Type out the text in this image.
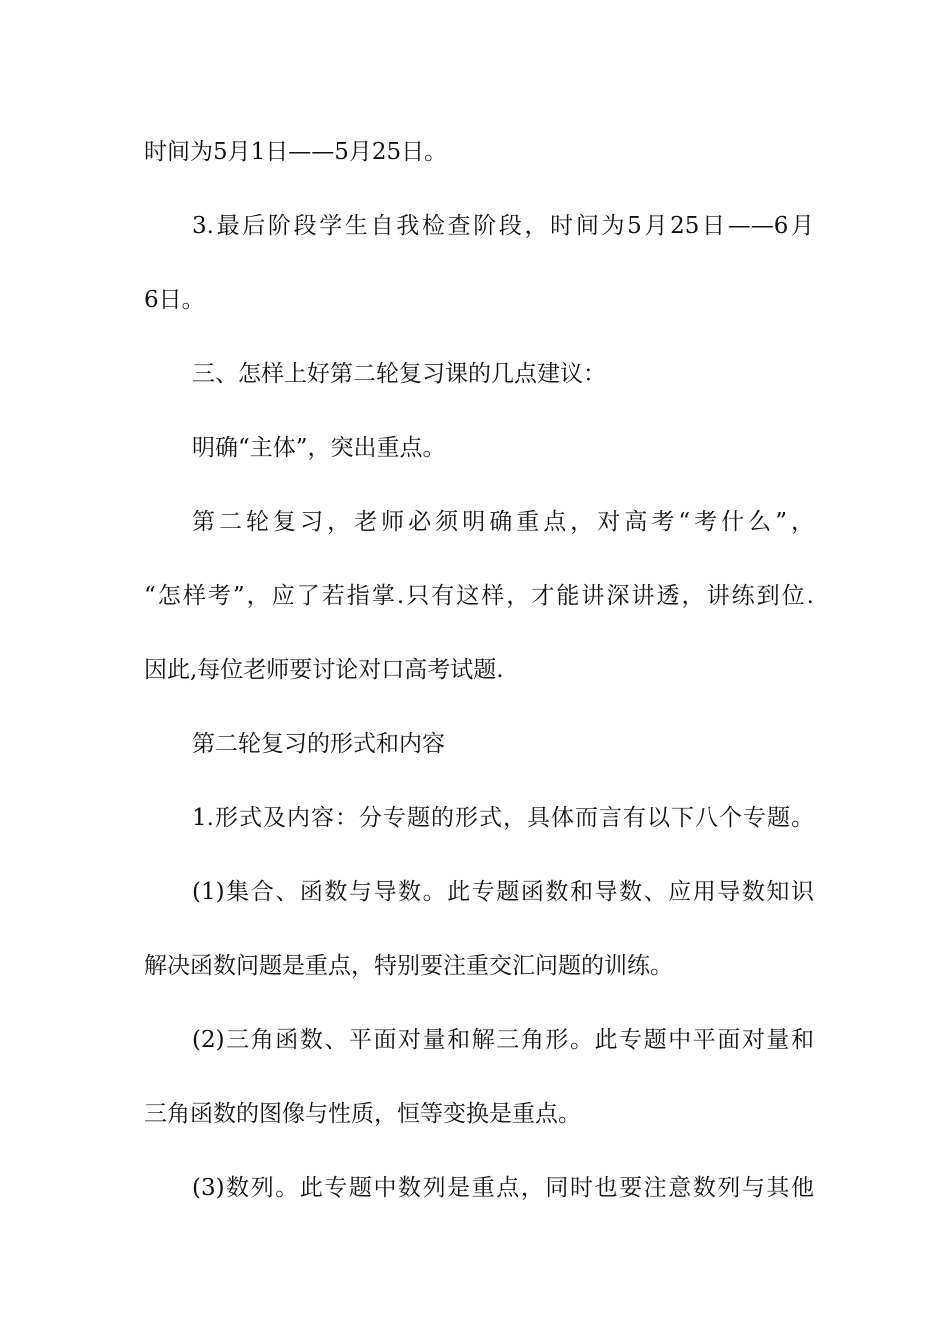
时间为5月1日——5月25日。
3.最后阶段学生自我检查阶段，时间为5月25日——6月
6日。
三、怎样上好第二轮复习课的几点建议：
明确“主体”，突出重点。
第二轮复习，老师必须明确重点，对高考“考什么”，
“怎样考”，应了若指掌.只有这样，才能讲深讲透，讲练到位.
因此,每位老师要讨论对口高考试题.
第二轮复习的形式和内容
1.形式及内容：分专题的形式，具体而言有以下八个专题。
(1)集合、函数与导数。此专题函数和导数、应用导数知识
解决函数问题是重点，特别要注重交汇问题的训练。
(2)三角函数、平面对量和解三角形。此专题中平面对量和
三角函数的图像与性质，恒等变换是重点。
(3)数列。此专题中数列是重点，同时也要注意数列与其他
